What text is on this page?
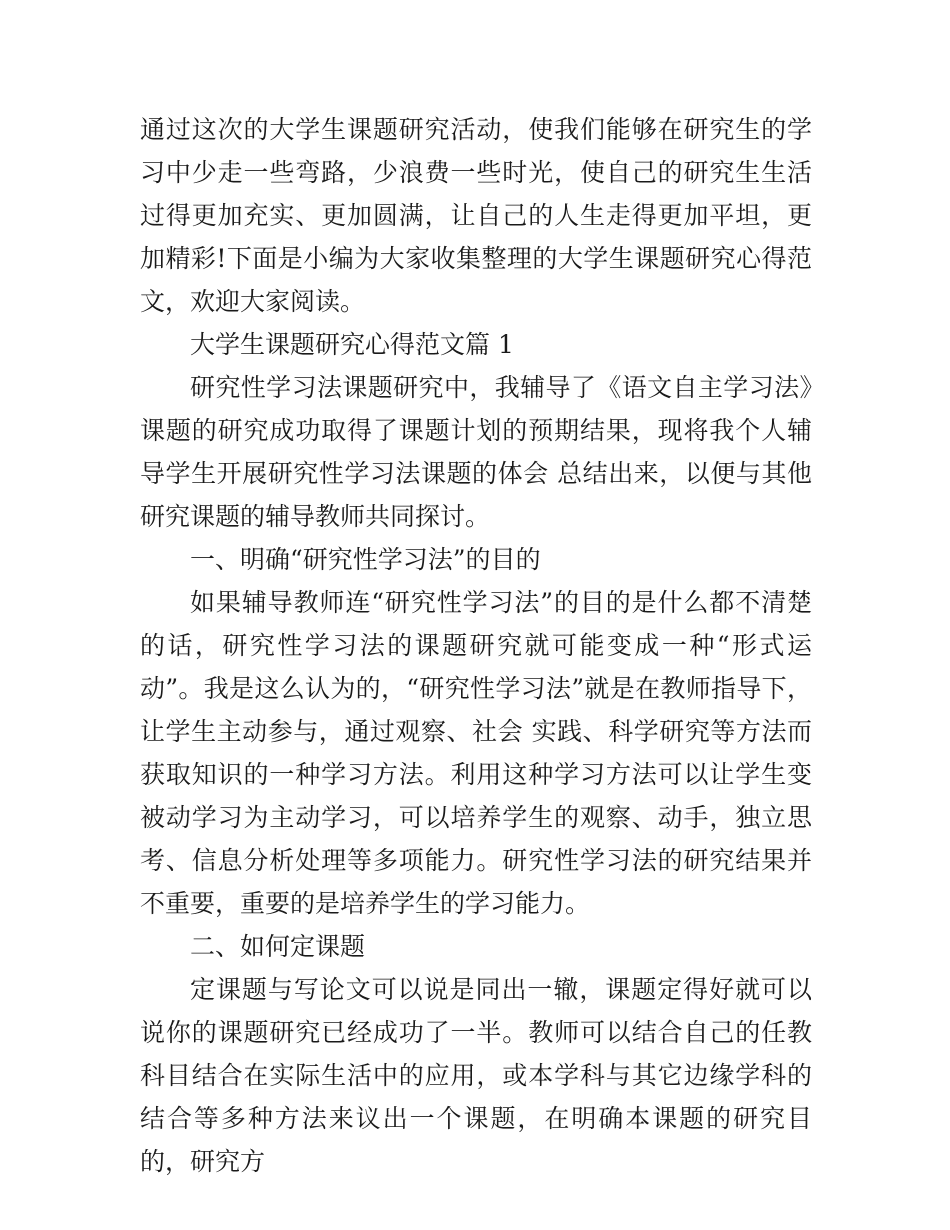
通过这次的大学生课题研究活动，使我们能够在研究生的学习中少走一些弯路，少浪费一些时光，使自己的研究生生活过得更加充实、更加圆满，让自己的人生走得更加平坦，更加精彩!下面是小编为大家收集整理的大学生课题研究心得范文，欢迎大家阅读。

大学生课题研究心得范文篇 1

研究性学习法课题研究中，我辅导了《语文自主学习法》课题的研究成功取得了课题计划的预期结果，现将我个人辅导学生开展研究性学习法课题的体会 总结出来，以便与其他研究课题的辅导教师共同探讨。

一、明确“研究性学习法”的目的

如果辅导教师连“研究性学习法”的目的是什么都不清楚的话，研究性学习法的课题研究就可能变成一种“形式运动”。我是这么认为的，“研究性学习法”就是在教师指导下，让学生主动参与，通过观察、社会 实践、科学研究等方法而获取知识的一种学习方法。利用这种学习方法可以让学生变被动学习为主动学习，可以培养学生的观察、动手，独立思考、信息分析处理等多项能力。研究性学习法的研究结果并不重要，重要的是培养学生的学习能力。

二、如何定课题

定课题与写论文可以说是同出一辙，课题定得好就可以说你的课题研究已经成功了一半。教师可以结合自己的任教科目结合在实际生活中的应用，或本学科与其它边缘学科的结合等多种方法来议出一个课题，在明确本课题的研究目的，研究方
